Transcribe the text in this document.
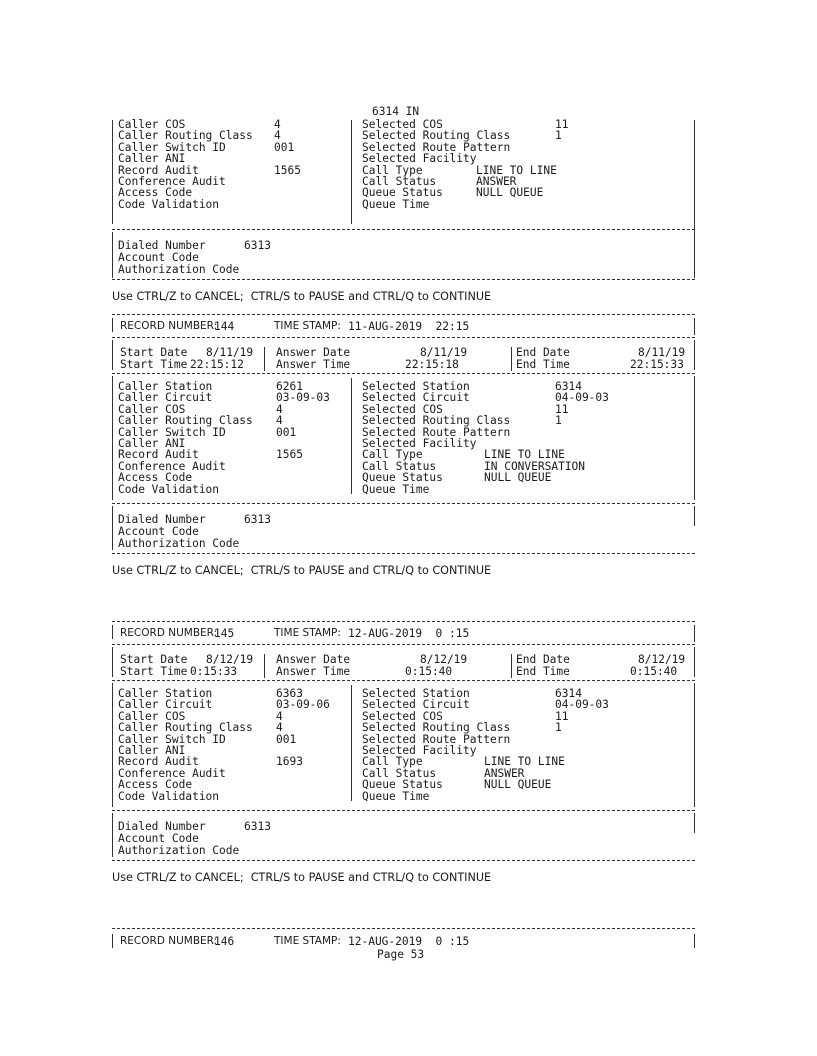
6314 IN
Caller COS	4
Caller Routing Class 4
Caller Switch ID	001
Caller ANI
Record Audit	1565
Conference Audit
Access Code
Code Validation
Selected COS	11
Selected Routing Class	1
Selected Route Pattern
Selected Facility
Call Type	LINE TO LINE
Call Status	ANSWER
Queue Status	NULL QUEUE
Queue Time
Dialed Number	6313
Account Code
Authorization Code
Use CTRL/Z to CANCEL;  CTRL/S to PAUSE and CTRL/Q to CONTINUE
RECORD NUMBER:
144	TIME STAMP: 11-AUG-2019  22:15
Start Date 8/11/19 Answer Date	8/11/19	End Date	8/11/19
Start Time 22:15:12	Answer Time	22:15:18	End Time	22:15:33
Caller Station	6261
Caller Circuit	03-09-03
Caller COS	4
Caller Routing Class 4
Caller Switch ID	001
Caller ANI
Record Audit	1565
Conference Audit
Access Code
Code Validation
Selected Station	6314
Selected Circuit	04-09-03
Selected COS	11
Selected Routing Class	1
Selected Route Pattern
Selected Facility
Call Type	LINE TO LINE
Call Status	IN CONVERSATION
Queue Status	NULL QUEUE
Queue Time
Dialed Number	6313
Account Code
Authorization Code
Use CTRL/Z to CANCEL;  CTRL/S to PAUSE and CTRL/Q to CONTINUE
RECORD NUMBER:
145	TIME STAMP: 12-AUG-2019  0 :15
Start Date 8/12/19 Answer Date	8/12/19	End Date	8/12/19
Start Time 0:15:33	Answer Time	0:15:40	End Time	0:15:40
Caller Station	6363
Caller Circuit	03-09-06
Caller COS	4
Caller Routing Class 4
Caller Switch ID	001
Caller ANI
Record Audit	1693
Conference Audit
Access Code
Code Validation
Selected Station	6314
Selected Circuit	04-09-03
Selected COS	11
Selected Routing Class	1
Selected Route Pattern
Selected Facility
Call Type	LINE TO LINE
Call Status	ANSWER
Queue Status	NULL QUEUE
Queue Time
Dialed Number	6313
Account Code
Authorization Code
Use CTRL/Z to CANCEL;  CTRL/S to PAUSE and CTRL/Q to CONTINUE
RECORD NUMBER:
146	TIME STAMP: 12-AUG-2019  0 :15
Page 53
